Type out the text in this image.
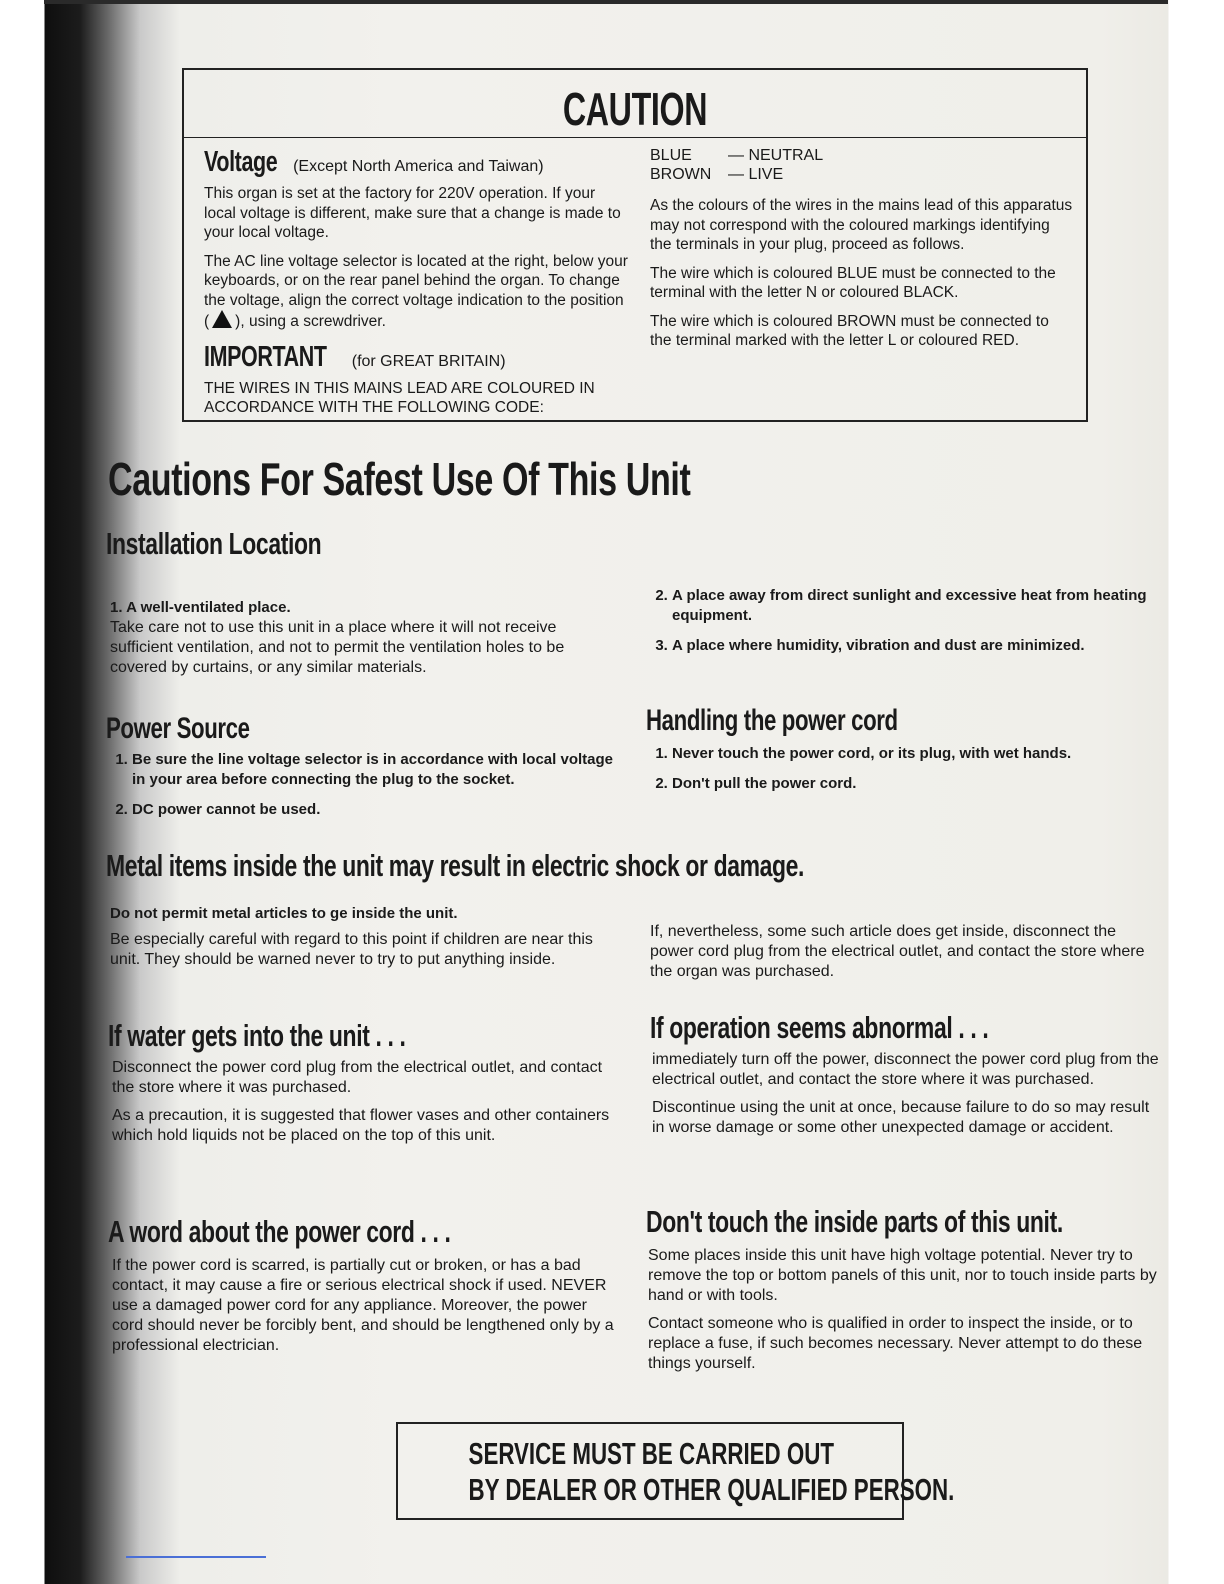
CAUTION
Voltage (Except North America and Taiwan)

This organ is set at the factory for 220V operation. If your local voltage is different, make sure that a change is made to your local voltage.

The AC line voltage selector is located at the right, below your keyboards, or on the rear panel behind the organ. To change the voltage, align the correct voltage indication to the position ( ), using a screwdriver.

IMPORTANT (for GREAT BRITAIN)

THE WIRES IN THIS MAINS LEAD ARE COLOURED IN ACCORDANCE WITH THE FOLLOWING CODE:

BLUE — NEUTRAL
BROWN — LIVE

As the colours of the wires in the mains lead of this apparatus may not correspond with the coloured markings identifying the terminals in your plug, proceed as follows.

The wire which is coloured BLUE must be connected to the terminal with the letter N or coloured BLACK.

The wire which is coloured BROWN must be connected to the terminal marked with the letter L or coloured RED.

Cautions For Safest Use Of This Unit
Installation Location
1. A well-ventilated place.
Take care not to use this unit in a place where it will not receive sufficient ventilation, and not to permit the ventilation holes to be covered by curtains, or any similar materials.
2. A place away from direct sunlight and excessive heat from heating equipment.
3. A place where humidity, vibration and dust are minimized.
Power Source
1. Be sure the line voltage selector is in accordance with local voltage in your area before connecting the plug to the socket.
2. DC power cannot be used.
Handling the power cord
1. Never touch the power cord, or its plug, with wet hands.
2. Don't pull the power cord.
Metal items inside the unit may result in electric shock or damage.
Do not permit metal articles to ge inside the unit.
Be especially careful with regard to this point if children are near this unit. They should be warned never to try to put anything inside.
If, nevertheless, some such article does get inside, disconnect the power cord plug from the electrical outlet, and contact the store where the organ was purchased.
If water gets into the unit . . .

Disconnect the power cord plug from the electrical outlet, and contact the store where it was purchased.

As a precaution, it is suggested that flower vases and other containers which hold liquids not be placed on the top of this unit.

If operation seems abnormal . . .

immediately turn off the power, disconnect the power cord plug from the electrical outlet, and contact the store where it was purchased.

Discontinue using the unit at once, because failure to do so may result in worse damage or some other unexpected damage or accident.

A word about the power cord . . .
If the power cord is scarred, is partially cut or broken, or has a bad contact, it may cause a fire or serious electrical shock if used. NEVER use a damaged power cord for any appliance. Moreover, the power cord should never be forcibly bent, and should be lengthened only by a professional electrician.
Don't touch the inside parts of this unit.

Some places inside this unit have high voltage potential. Never try to remove the top or bottom panels of this unit, nor to touch inside parts by hand or with tools.

Contact someone who is qualified in order to inspect the inside, or to replace a fuse, if such becomes necessary. Never attempt to do these things yourself.

SERVICE MUST BE CARRIED OUT
BY DEALER OR OTHER QUALIFIED PERSON.
